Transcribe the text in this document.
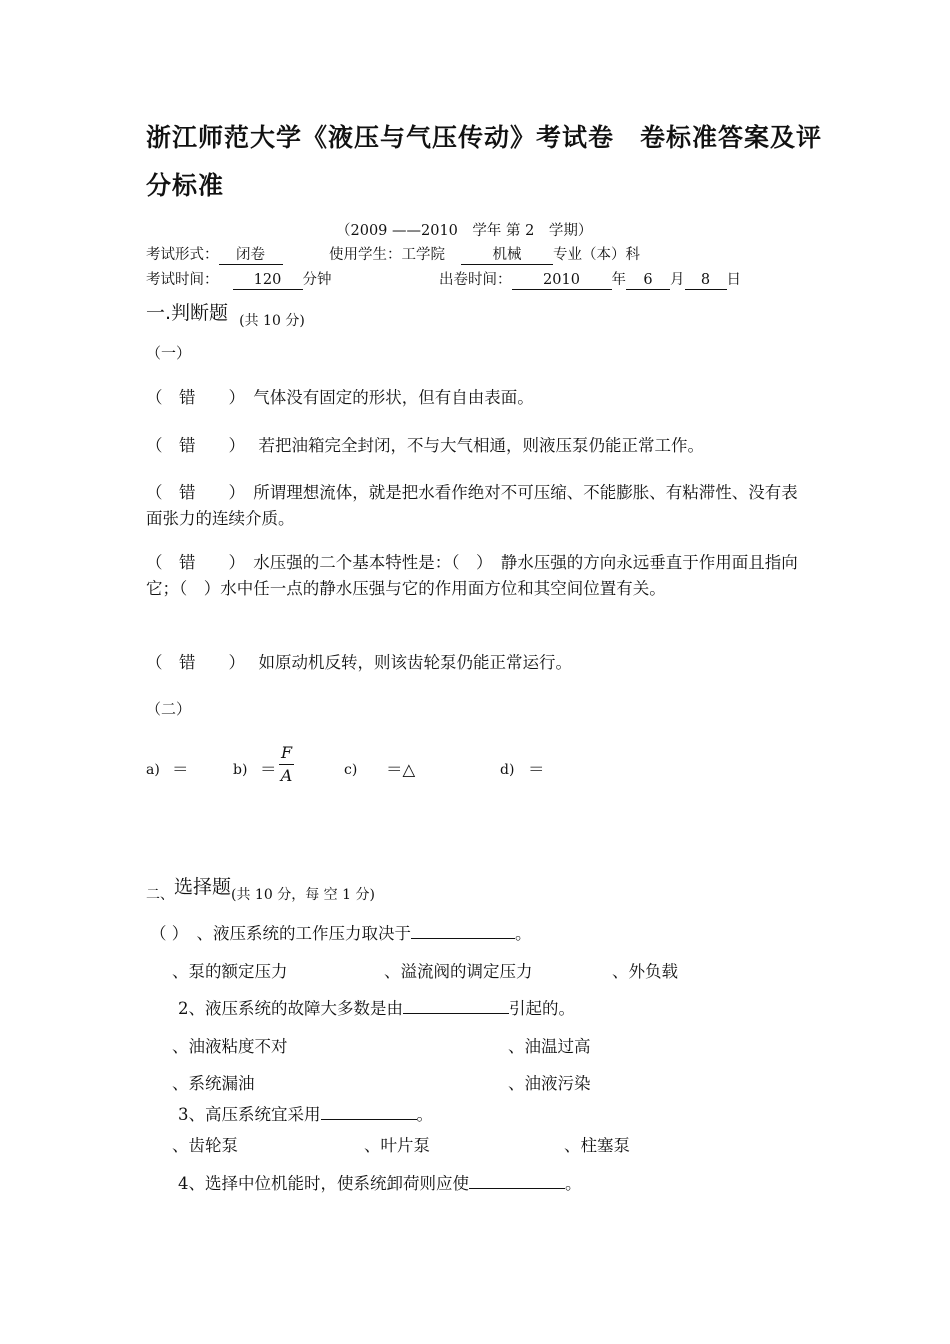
浙江师范大学《液压与气压传动》考试卷　卷标准答案及评
分标准
（2009 ——2010　学年 第 2　学期）
考试形式： 闭卷	使用学生：工学院	机械 专业（本）科
考试时间： 120 分钟	出卷时间： 2010 年 6 月 8 日
一.判断题 (共 10 分)
（一）
（　错　　）　气体没有固定的形状，但有自由表面。
（　错　　）　 若把油箱完全封闭，不与大气相通，则液压泵仍能正常工作。
（　错　　）　所谓理想流体，就是把水看作绝对不可压缩、不能膨胀、有粘滞性、没有表面张力的连续介质。
（　错　　）　水压强的二个基本特性是：（　）　静水压强的方向永远垂直于作用面且指向它；（　）水中任一点的静水压强与它的作用面方位和其空间位置有关。
（　错　　）　 如原动机反转，则该齿轮泵仍能正常运行。
（二）
a) ＝	$b) = \frac{F}{A}$	c) ＝△	d) ＝
二、选择题(共 10 分，每 空 1 分)
（ ）　、液压系统的工作压力取决于	。
、泵的额定压力	、溢流阀的调定压力	、外负载
2、液压系统的故障大多数是由	引起的。
、油液粘度不对	、油温过高
、系统漏油	、油液污染
3、高压系统宜采用	。
、齿轮泵	、叶片泵	、柱塞泵
4、选择中位机能时，使系统卸荷则应使	。
